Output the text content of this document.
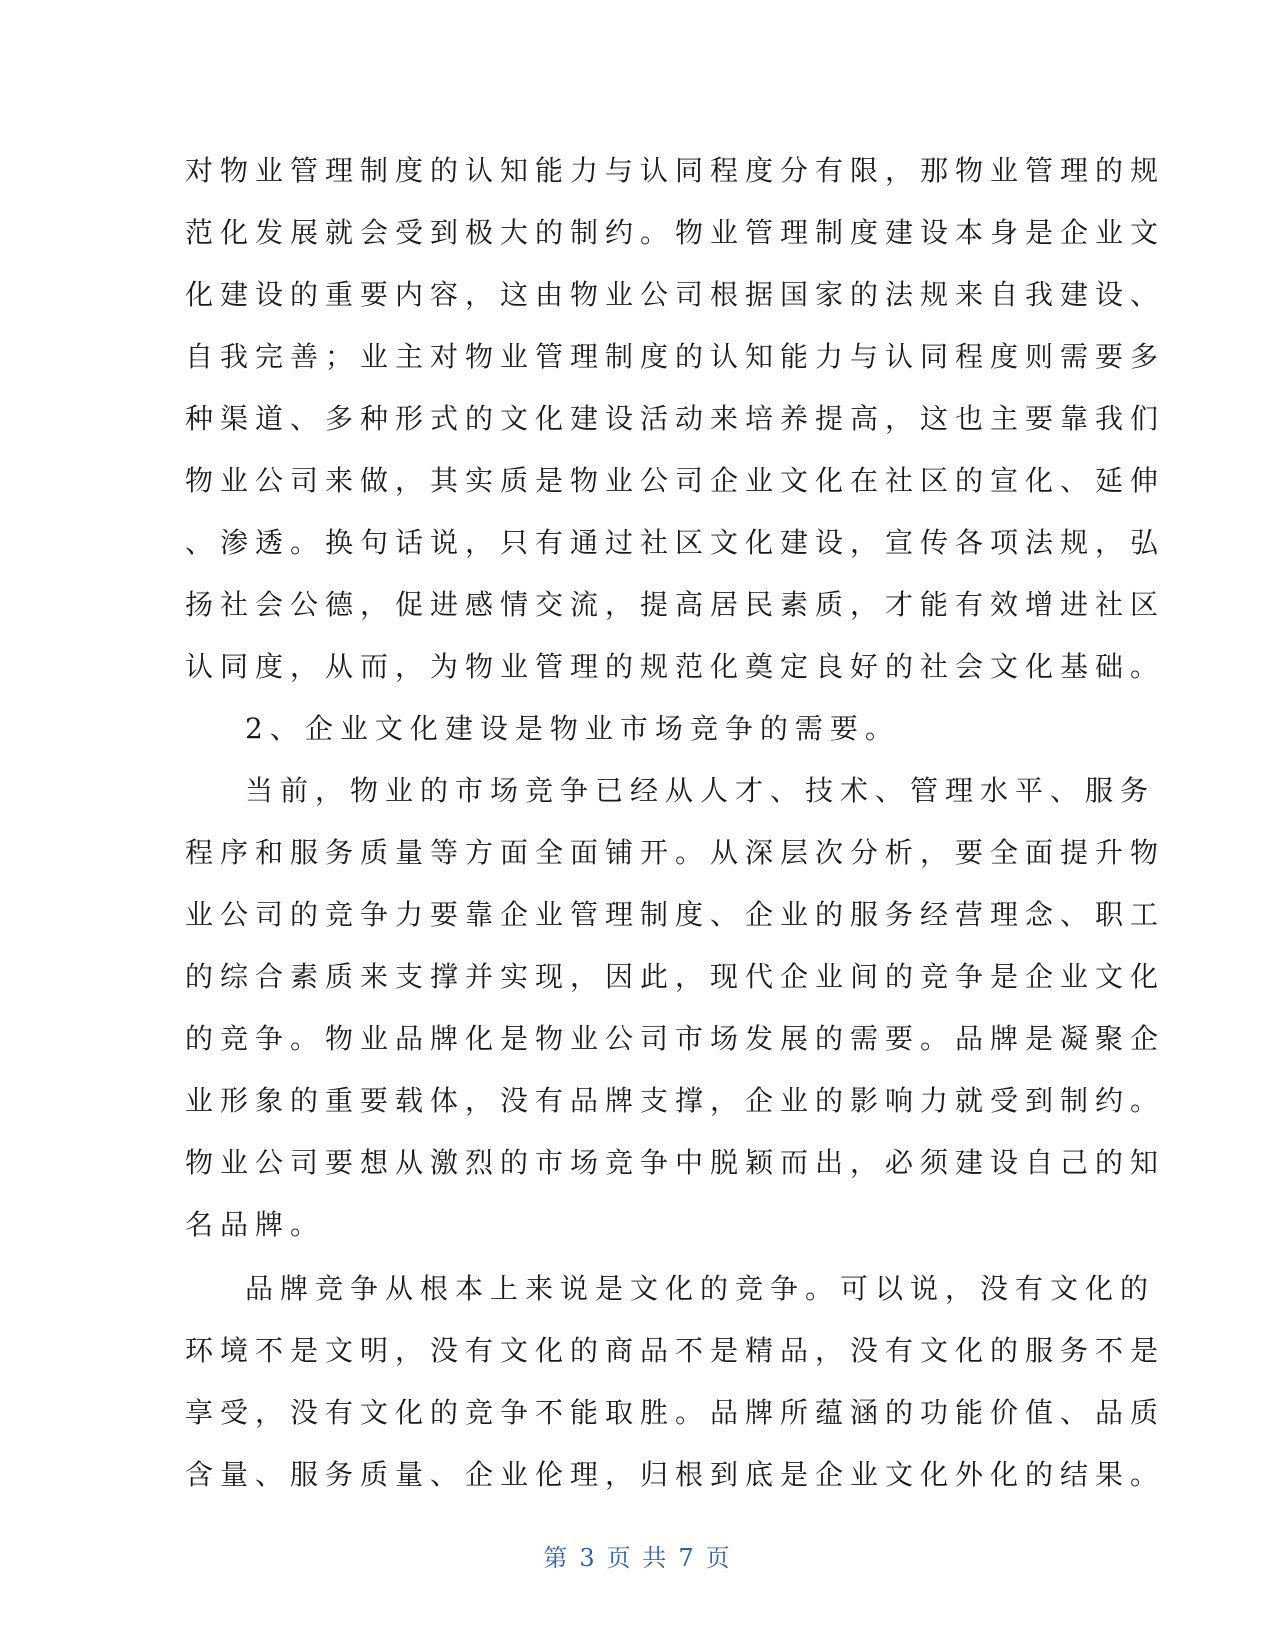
对物业管理制度的认知能力与认同程度分有限，那物业管理的规
范化发展就会受到极大的制约。物业管理制度建设本身是企业文
化建设的重要内容，这由物业公司根据国家的法规来自我建设、
自我完善；业主对物业管理制度的认知能力与认同程度则需要多
种渠道、多种形式的文化建设活动来培养提高，这也主要靠我们
物业公司来做，其实质是物业公司企业文化在社区的宣化、延伸
、渗透。换句话说，只有通过社区文化建设，宣传各项法规，弘
扬社会公德，促进感情交流，提高居民素质，才能有效增进社区
认同度，从而，为物业管理的规范化奠定良好的社会文化基础。
2、企业文化建设是物业市场竞争的需要。
当前，物业的市场竞争已经从人才、技术、管理水平、服务
程序和服务质量等方面全面铺开。从深层次分析，要全面提升物
业公司的竞争力要靠企业管理制度、企业的服务经营理念、职工
的综合素质来支撑并实现，因此，现代企业间的竞争是企业文化
的竞争。物业品牌化是物业公司市场发展的需要。品牌是凝聚企
业形象的重要载体，没有品牌支撑，企业的影响力就受到制约。
物业公司要想从激烈的市场竞争中脱颖而出，必须建设自己的知
名品牌。
品牌竞争从根本上来说是文化的竞争。可以说，没有文化的
环境不是文明，没有文化的商品不是精品，没有文化的服务不是
享受，没有文化的竞争不能取胜。品牌所蕴涵的功能价值、品质
含量、服务质量、企业伦理，归根到底是企业文化外化的结果。
第 3 页 共 7 页
